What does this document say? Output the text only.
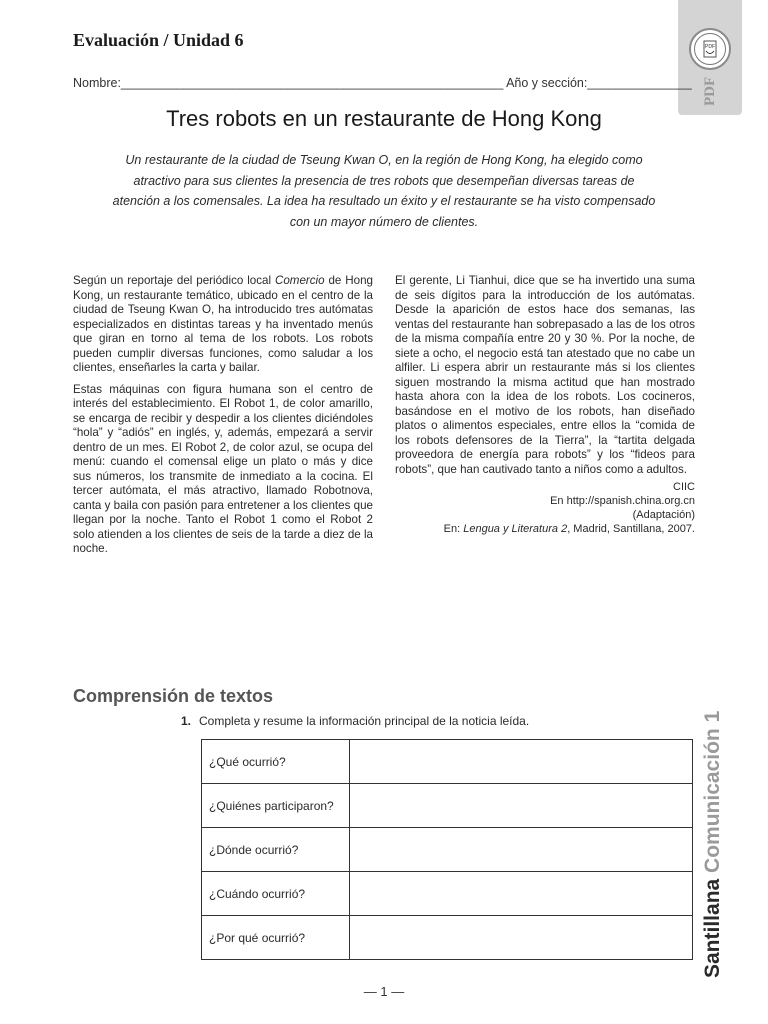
PDF
PDF
Evaluación / Unidad 6
Nombre:_______________________________________________________ Año y sección:_______________
Tres robots en un restaurante de Hong Kong
Un restaurante de la ciudad de Tseung Kwan O, en la región de Hong Kong, ha elegido como atractivo para sus clientes la presencia de tres robots que desempeñan diversas tareas de atención a los comensales. La idea ha resultado un éxito y el restaurante se ha visto compensado con un mayor número de clientes.

Según un reportaje del periódico local Comercio de Hong Kong, un restaurante temático, ubicado en el centro de la ciudad de Tseung Kwan O, ha introducido tres autómatas especializados en distintas tareas y ha inventado menús que giran en torno al tema de los robots. Los robots pueden cumplir diversas funciones, como saludar a los clientes, enseñarles la carta y bailar.

Estas máquinas con figura humana son el centro de interés del establecimiento. El Robot 1, de color amarillo, se encarga de recibir y despedir a los clientes diciéndoles “hola” y “adiós” en inglés, y, además, empezará a servir dentro de un mes. El Robot 2, de color azul, se ocupa del menú: cuando el comensal elige un plato o más y dice sus números, los transmite de inmediato a la cocina. El tercer autómata, el más atractivo, llamado Robotnova, canta y baila con pasión para entretener a los clientes que llegan por la noche. Tanto el Robot 1 como el Robot 2 solo atienden a los clientes de seis de la tarde a diez de la noche.

El gerente, Li Tianhui, dice que se ha invertido una suma de seis dígitos para la introducción de los autómatas. Desde la aparición de estos hace dos semanas, las ventas del restaurante han sobrepasado a las de los otros de la misma compañía entre 20 y 30 %. Por la noche, de siete a ocho, el negocio está tan atestado que no cabe un alfiler. Li espera abrir un restaurante más si los clientes siguen mostrando la misma actitud que han mostrado hasta ahora con la idea de los robots. Los cocineros, basándose en el motivo de los robots, han diseñado platos o alimentos especiales, entre ellos la “comida de los robots defensores de la Tierra”, la “tartita delgada proveedora de energía para robots” y los “fideos para robots”, que han cautivado tanto a niños como a adultos.

CIIC
En http://spanish.china.org.cn
(Adaptación)
En: Lengua y Literatura 2, Madrid, Santillana, 2007.
Comprensión de textos
1. Completa y resume la información principal de la noticia leída.
¿Qué ocurrió?	
¿Quiénes participaron?	
¿Dónde ocurrió?	
¿Cuándo ocurrió?	
¿Por qué ocurrió?		Santillana Comunicación 1
— 1 —
